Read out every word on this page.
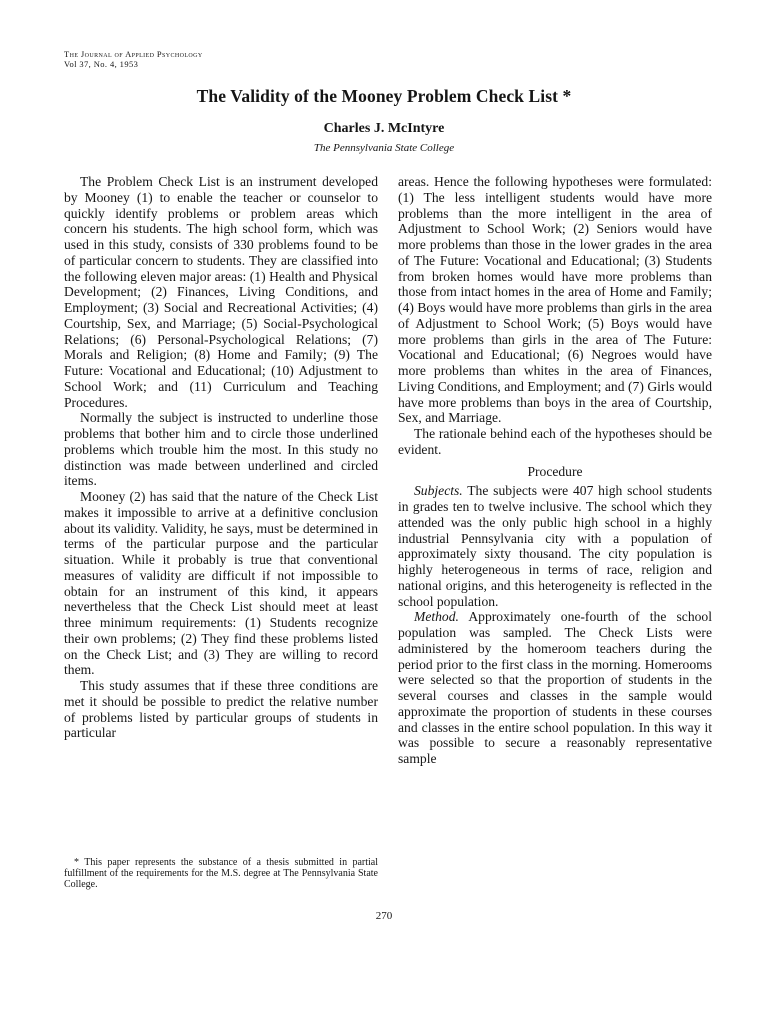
The Journal of Applied Psychology
Vol 37, No. 4, 1953
The Validity of the Mooney Problem Check List *
Charles J. McIntyre
The Pennsylvania State College

The Problem Check List is an instrument developed by Mooney (1) to enable the teacher or counselor to quickly identify problems or problem areas which concern his students. The high school form, which was used in this study, consists of 330 problems found to be of particular concern to students. They are classified into the following eleven major areas: (1) Health and Physical Development; (2) Finances, Living Conditions, and Employment; (3) Social and Recreational Activities; (4) Courtship, Sex, and Marriage; (5) Social-Psychological Relations; (6) Personal-Psychological Relations; (7) Morals and Religion; (8) Home and Family; (9) The Future: Vocational and Educational; (10) Adjustment to School Work; and (11) Curriculum and Teaching Procedures.

Normally the subject is instructed to underline those problems that bother him and to circle those underlined problems which trouble him the most. In this study no distinction was made between underlined and circled items.

Mooney (2) has said that the nature of the Check List makes it impossible to arrive at a definitive conclusion about its validity. Validity, he says, must be determined in terms of the particular purpose and the particular situation. While it probably is true that conventional measures of validity are difficult if not impossible to obtain for an instrument of this kind, it appears nevertheless that the Check List should meet at least three minimum requirements: (1) Students recognize their own problems; (2) They find these problems listed on the Check List; and (3) They are willing to record them.

This study assumes that if these three conditions are met it should be possible to predict the relative number of problems listed by particular groups of students in particular

* This paper represents the substance of a thesis submitted in partial fulfillment of the requirements for the M.S. degree at The Pennsylvania State College.

areas. Hence the following hypotheses were formulated: (1) The less intelligent students would have more problems than the more intelligent in the area of Adjustment to School Work; (2) Seniors would have more problems than those in the lower grades in the area of The Future: Vocational and Educational; (3) Students from broken homes would have more problems than those from intact homes in the area of Home and Family; (4) Boys would have more problems than girls in the area of Adjustment to School Work; (5) Boys would have more problems than girls in the area of The Future: Vocational and Educational; (6) Negroes would have more problems than whites in the area of Finances, Living Conditions, and Employment; and (7) Girls would have more problems than boys in the area of Courtship, Sex, and Marriage.

The rationale behind each of the hypotheses should be evident.

Procedure

Subjects. The subjects were 407 high school students in grades ten to twelve inclusive. The school which they attended was the only public high school in a highly industrial Pennsylvania city with a population of approximately sixty thousand. The city population is highly heterogeneous in terms of race, religion and national origins, and this heterogeneity is reflected in the school population.

Method. Approximately one-fourth of the school population was sampled. The Check Lists were administered by the homeroom teachers during the period prior to the first class in the morning. Homerooms were selected so that the proportion of students in the several courses and classes in the sample would approximate the proportion of students in these courses and classes in the entire school population. In this way it was possible to secure a reasonably representative sample

270
